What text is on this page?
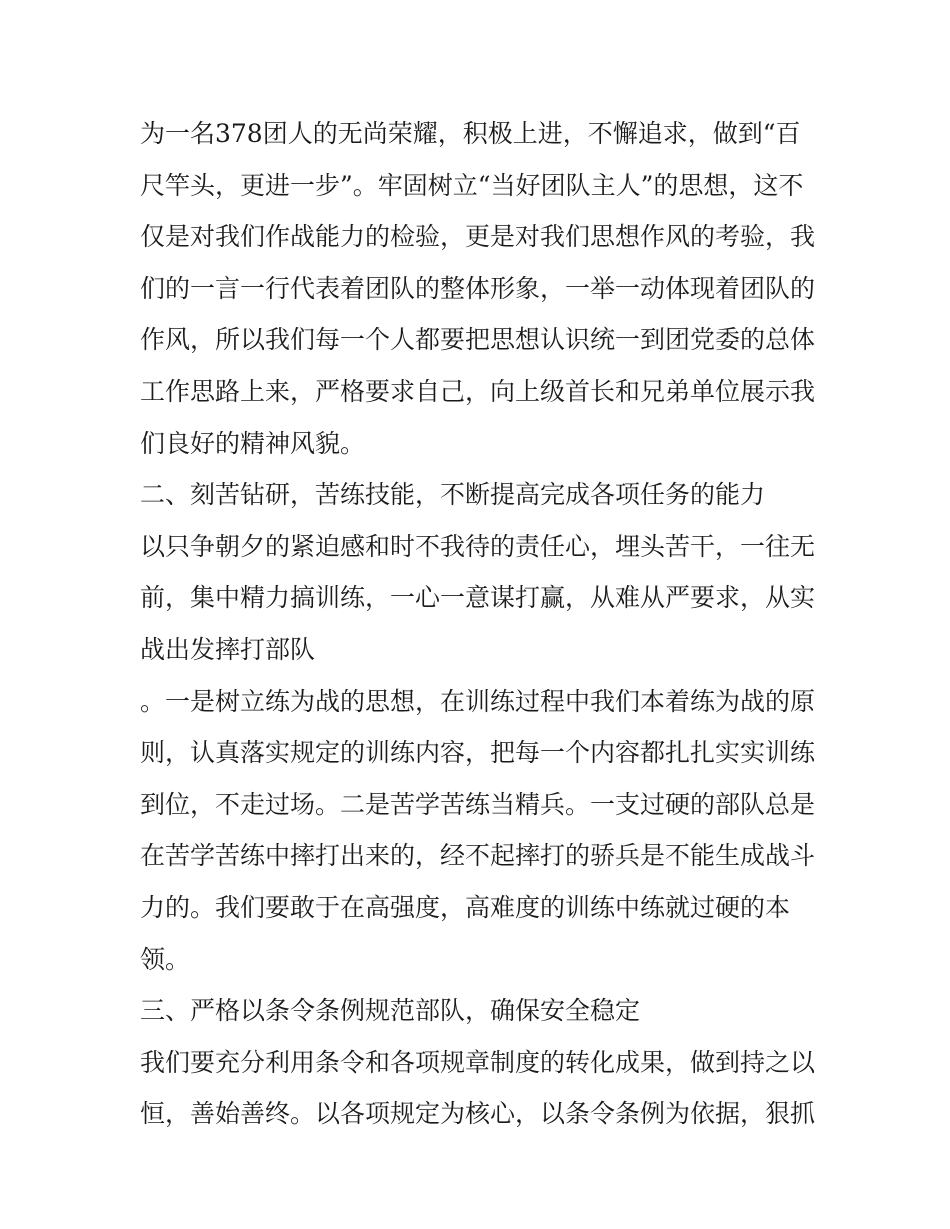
为一名378团人的无尚荣耀，积极上进，不懈追求，做到“百
尺竿头，更进一步”。牢固树立“当好团队主人”的思想，这不
仅是对我们作战能力的检验，更是对我们思想作风的考验，我
们的一言一行代表着团队的整体形象，一举一动体现着团队的
作风，所以我们每一个人都要把思想认识统一到团党委的总体
工作思路上来，严格要求自己，向上级首长和兄弟单位展示我
们良好的精神风貌。
二、刻苦钻研，苦练技能，不断提高完成各项任务的能力
以只争朝夕的紧迫感和时不我待的责任心，埋头苦干，一往无
前，集中精力搞训练，一心一意谋打赢，从难从严要求，从实
战出发摔打部队
。一是树立练为战的思想，在训练过程中我们本着练为战的原
则，认真落实规定的训练内容，把每一个内容都扎扎实实训练
到位，不走过场。二是苦学苦练当精兵。一支过硬的部队总是
在苦学苦练中摔打出来的，经不起摔打的骄兵是不能生成战斗
力的。我们要敢于在高强度，高难度的训练中练就过硬的本
领。
三、严格以条令条例规范部队，确保安全稳定
我们要充分利用条令和各项规章制度的转化成果，做到持之以
恒，善始善终。以各项规定为核心，以条令条例为依据，狠抓
